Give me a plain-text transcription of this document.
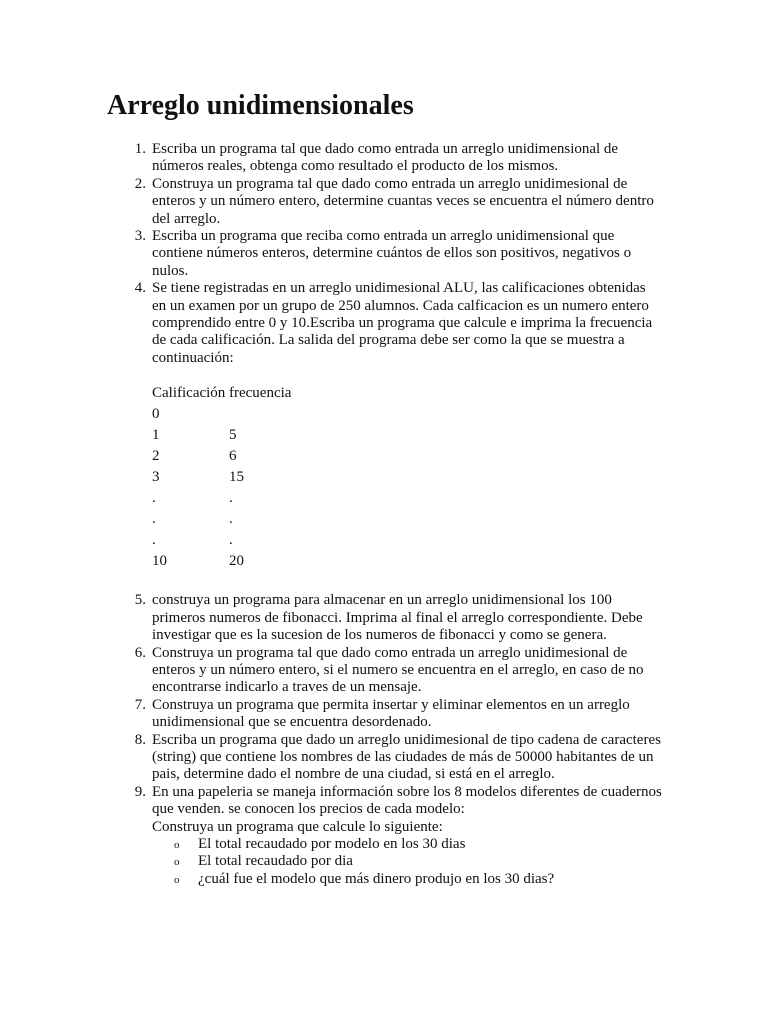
Arreglo unidimensionales
1. Escriba un programa tal que dado como entrada un arreglo unidimensional de números reales, obtenga como resultado el producto de los mismos.
2. Construya un programa tal que dado como entrada un arreglo unidimesional de enteros y un número entero, determine cuantas veces se encuentra el número dentro del arreglo.
3. Escriba un programa que reciba como entrada un arreglo unidimensional que contiene números enteros, determine cuántos de ellos son positivos, negativos o nulos.
4. Se tiene registradas en un arreglo unidimesional ALU, las calificaciones obtenidas en un examen por un grupo de 250 alumnos. Cada calficacion es un numero entero comprendido entre 0 y 10.Escriba un programa que calcule e imprima la frecuencia de cada calificación. La salida del programa debe ser como la que se muestra a continuación:
Calificación	frecuencia
0	
1	5
2	6
3	15
.	.
.	.
.	.
10	20
5. construya un programa para almacenar en un arreglo unidimensional los 100 primeros numeros de fibonacci. Imprima al final el arreglo correspondiente. Debe investigar que es la sucesion de los numeros de fibonacci y como se genera.
6. Construya un programa tal que dado como entrada un arreglo unidimesional de enteros y un número entero, si el numero se encuentra en el arreglo, en caso de no encontrarse indicarlo a traves de un mensaje.
7. Construya un programa que permita insertar y eliminar elementos en un arreglo unidimensional que se encuentra desordenado.
8. Escriba un programa que dado un arreglo unidimesional de tipo cadena de caracteres (string) que contiene los nombres de las ciudades de más de 50000 habitantes de un pais, determine dado el nombre de una ciudad, si está en el arreglo.
9. En una papeleria se maneja información sobre los 8 modelos diferentes de cuadernos que venden. se conocen los precios de cada modelo:
Construya un programa que calcule lo siguiente:
o El total recaudado por modelo en los 30 dias
o El total recaudado por dia
o ¿cuál fue el modelo que más dinero produjo en los 30 dias?
